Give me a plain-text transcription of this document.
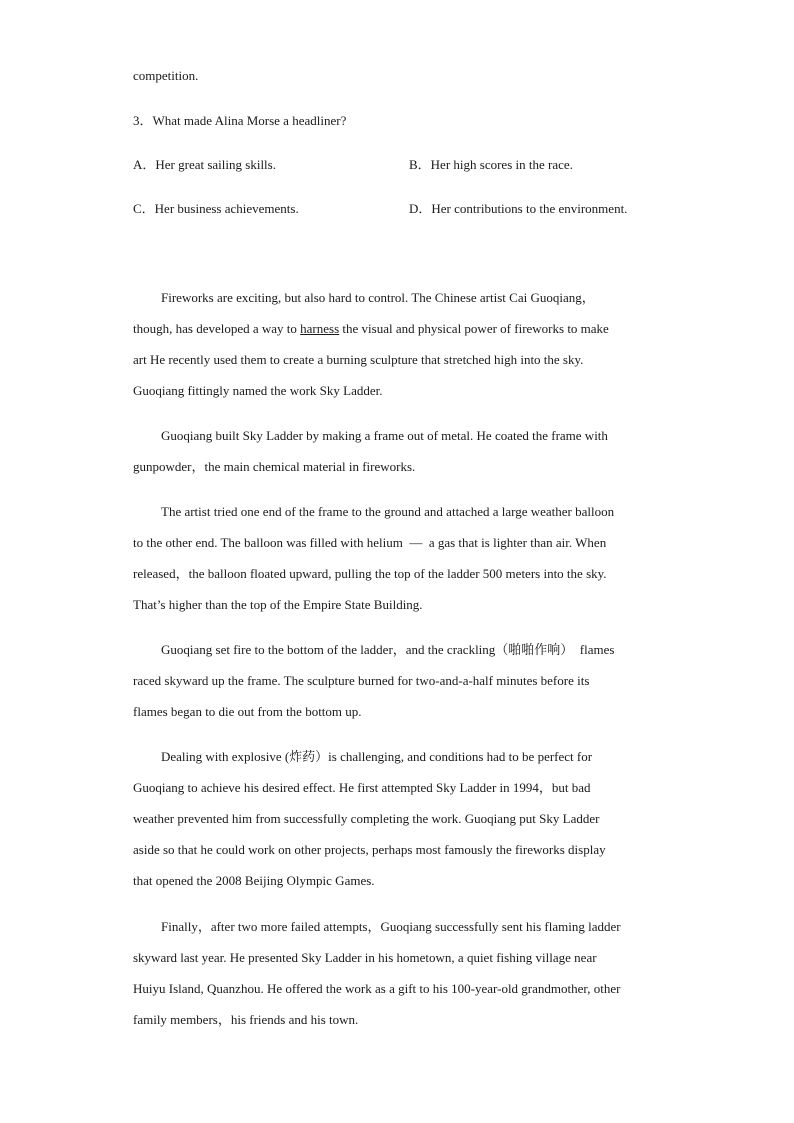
competition.
3．What made Alina Morse a headliner?
A．Her great sailing skills.	B．Her high scores in the race.
C．Her business achievements.	D．Her contributions to the environment.
Fireworks are exciting, but also hard to control. The Chinese artist Cai Guoqiang，
though, has developed a way to harness the visual and physical power of fireworks to make
art He recently used them to create a burning sculpture that stretched high into the sky.
Guoqiang fittingly named the work Sky Ladder.
Guoqiang built Sky Ladder by making a frame out of metal. He coated the frame with
gunpowder，the main chemical material in fireworks.
The artist tried one end of the frame to the ground and attached a large weather balloon
to the other end. The balloon was filled with helium  —  a gas that is lighter than air. When
released，the balloon floated upward, pulling the top of the ladder 500 meters into the sky.
That’s higher than the top of the Empire State Building.
Guoqiang set fire to the bottom of the ladder，and the crackling（啪啪作响）  flames
raced skyward up the frame. The sculpture burned for two-and-a-half minutes before its
flames began to die out from the bottom up.
Dealing with explosive (炸药）is challenging, and conditions had to be perfect for
Guoqiang to achieve his desired effect. He first attempted Sky Ladder in 1994，but bad
weather prevented him from successfully completing the work. Guoqiang put Sky Ladder
aside so that he could work on other projects, perhaps most famously the fireworks display
that opened the 2008 Beijing Olympic Games.
Finally，after two more failed attempts，Guoqiang successfully sent his flaming ladder
skyward last year. He presented Sky Ladder in his hometown, a quiet fishing village near
Huiyu Island, Quanzhou. He offered the work as a gift to his 100-year-old grandmother, other
family members，his friends and his town.
